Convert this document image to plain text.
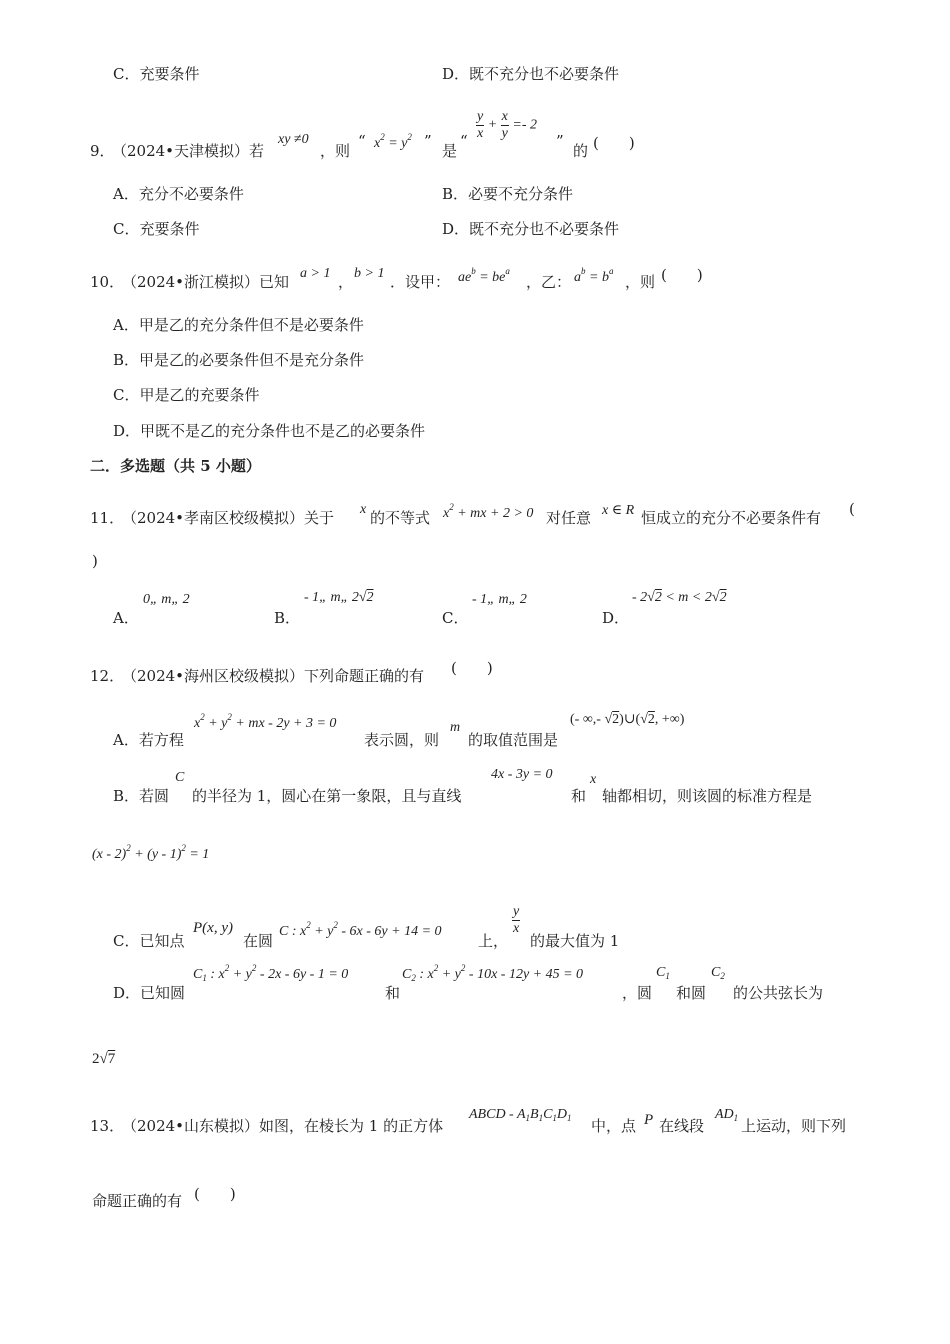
C．充要条件	D．既不充分也不必要条件
9．
（2024•天津模拟）若
xy ≠0
，则
“ $x^2 = y^2$ ”
是
“ $\frac{y}{x} + \frac{x}{y} =- 2$
”
的 (　　)
A．充分不必要条件	B．必要不充分条件
C．充要条件	D．既不充分也不必要条件
10．
（2024•浙江模拟）已知 a > 1 ， b > 1 ．设甲： $ae^b = be^a$
，乙： $a^b = b^a$
，则 (　　)
A．甲是乙的充分条件但不是必要条件
B．甲是乙的必要条件但不是充分条件
C．甲是乙的充要条件
D．甲既不是乙的充分条件也不是乙的必要条件
二．多选题（共 5 小题）
11．
（2024•孝南区校级模拟）关于 x 的不等式 $x^2$ + mx + 2 > 0 对任意 x ∈ R 恒成立的充分不必要条件有 (
)
A．
0„ m„ 2
B．
- 1„ m„ 2√2
C．
- 1„ m„ 2
D．
- 2√2 < m < 2√2
12．
（2024•海州区校级模拟）下列命题正确的有 (　　)
A．若方程
$x^2 + y^2$ + mx - 2y + 3 = 0
表示圆，则
m
的取值范围是
(- ∞,- √2)∪(√2, +∞)
B．若圆
C
的半径为 1，圆心在第一象限，且与直线
4x - 3y = 0
和
x
轴都相切，则该圆的标准方程是
(x - 2)$^2$ + (y - 1)$^2$ = 1
C．已知点
P(x, y)
在圆
C : $x^2 + y^2 - 6x - 6y + 14 = 0$
上，
$\frac{y}{x}$
的最大值为 1
D．已知圆
$C_1$ : $x^2 + y^2 - 2x - 6y - 1 = 0$
和
$C_2$ : $x^2 + y^2 - 10x - 12y + 45 = 0$
，圆
$C_1$
和圆
$C_2$
的公共弦长为
2√7
13．
（2024•山东模拟）如图，在棱长为 1 的正方体
ABCD - $A_1B_1C_1D_1$ 中，点 P 在线段
$AD_1$ 上运动，则下列
命题正确的有 (　　)
